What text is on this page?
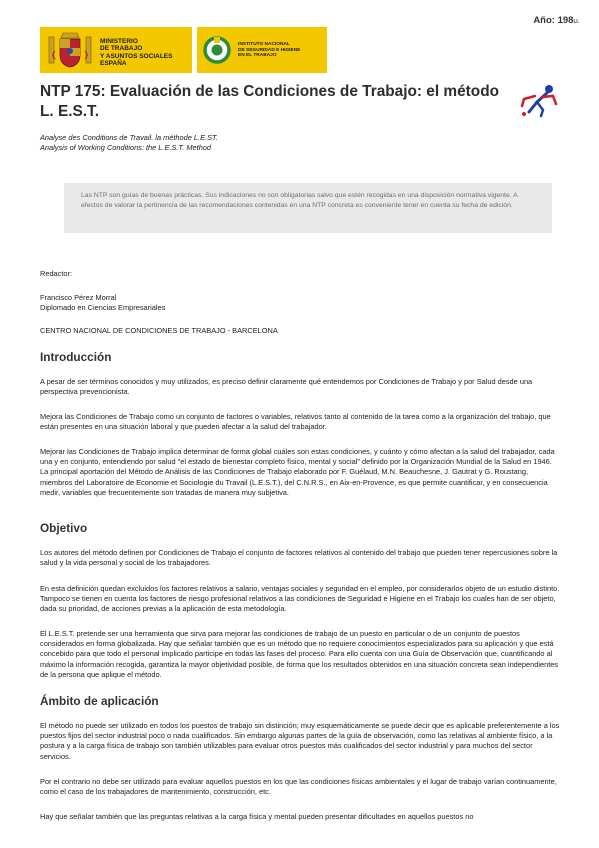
Año: 198l.l.
MINISTERIO
DE TRABAJO
Y ASUNTOS SOCIALES
ESPAÑA
INSTITUTO NACIONAL
DE SEGURIDAD E HIGIENE
EN EL TRABAJO
NTP 175: Evaluación de las Condiciones de Trabajo: el método L. E.S.T.
Analyse des Conditions de Travail. la méthode L.E.ST.
Analysis of Working Conditions: the L.E.S.T. Method
Las NTP son guías de buenas prácticas. Sus indicaciones no son obligatorias salvo que estén recogidas en una disposición normativa vigente. A efectos de valorar la pertinencia de las recomendaciones contenidas en una NTP concreta es conveniente tener en cuenta su fecha de edición.
Redactor:
Francisco Pérez Morral
Diplomado en Ciencias Empresariales
CENTRO NACIONAL DE CONDICIONES DE TRABAJO - BARCELONA
Introducción

A pesar de ser términos conocidos y muy utilizados, es preciso definir claramente qué entendemos por Condiciones de Trabajo y por Salud desde una perspectiva prevencionista.

Mejora las Condiciones de Trabajo como un conjunto de factores o variables, relativos tanto al contenido de la tarea como a la organización del trabajo, que están presentes en una situación laboral y que pueden afectar a la salud del trabajador.

Mejorar las Condiciones de Trabajo implica determinar de forma global cuáles son estas condiciones, y cuánto y cómo afectan a la salud del trabajador, cada una y en conjunto, entendiendo por salud "el estado de bienestar completo físico, mental y social" definido por la Organización Mundial de la Salud en 1946. La principal aportación del Método de Análisis de las Condiciones de Trabajo elaborado por F. Guélaud, M.N. Beauchesne, J. Gautrat y G. Roustang, miembros del Laboratoire de Economie et Sociologie du Travail (L.E.S.T.), del C.N.R.S., en Aix-en-Provence, es que permite cuantificar, y en consecuencia medir, variables que frecuentemente son tratadas de manera muy subjetiva.

Objetivo

Los autores del método definen por Condiciones de Trabajo el conjunto de factores relativos al contenido del trabajo que pueden tener repercusiones sobre la salud y la vida personal y social de los trabajadores.

En esta definición quedan excluidos los factores relativos a salario, ventajas sociales y seguridad en el empleo, por considerarlos objeto de un estudio distinto. Tampoco se tienen en cuenta los factores de riesgo profesional relativos a las condiciones de Seguridad e Higiene en el Trabajo los cuales han de ser objeto, dada su prioridad, de acciones previas a la aplicación de esta metodología.

El L.E.S.T. pretende ser una herramienta que sirva para mejorar las condiciones de trabajo de un puesto en particular o de un conjunto de puestos considerados en forma globalizada. Hay que señalar también que es un método que no requiere conocimientos especializados para su aplicación y que está concebido para que todo el personal implicado participe en todas las fases del proceso. Para ello cuenta con una Guía de Observación que, cuantificando al máximo la información recogida, garantiza la mayor objetividad posible, de forma que los resultados obtenidos en una situación concreta sean independientes de la persona que aplique el método.

Ámbito de aplicación

El método no puede ser utilizado en todos los puestos de trabajo sin distinción; muy esquemáticamente se puede decir que es aplicable preferentemente a los puestos fijos del sector industrial poco o nada cualificados. Sin embargo algunas partes de la guía de observación, como las relativas al ambiente físico, a la postura y a la carga física de trabajo son también utilizables para evaluar otros puestos más cualificados del sector industrial y para muchos del sector servicios.

Por el contrario no debe ser utilizado para evaluar aquellos puestos en los que las condiciones físicas ambientales y el lugar de trabajo varían continuamente, como el caso de los trabajadores de mantenimiento, construcción, etc.

Hay que señalar también que las preguntas relativas a la carga física y mental pueden presentar dificultades en aquellos puestos no
